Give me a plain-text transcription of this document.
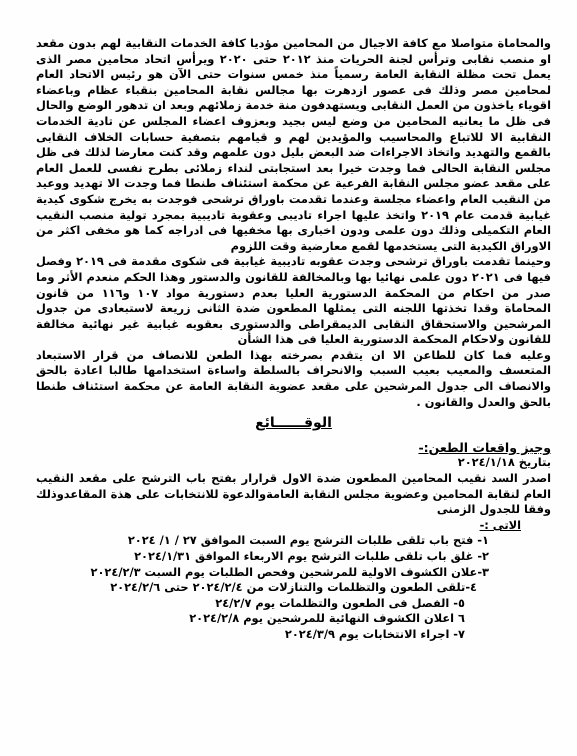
والمحاماة متواصلا مع كافة الاجيال من المحامين مؤديا كافة الخدمات النقابية لهم بدون مقعد او منصب نقابى وترأس لجنة الحريات منذ ٢٠١٢ حتى ٢٠٢٠ ويرأس اتحاد محامين مصر الذى يعمل تحت مظلة النقابة العامة رسمياً منذ خمس سنوات حتى الآن هو رئيس الاتحاد العام لمحامين مصر وذلك فى عصور ازدهرت بها مجالس نقابة المحامين بنقباء عظام وباعضاء اقوياء ياخذون من العمل النقابى ويستهدفون منة خدمة زملائهم وبعد ان تدهور الوضع والحال فى ظل ما يعانيه المحامين من وضع ليس بجيد وبعزوف اعضاء المجلس عن تادية الخدمات النقابية الا للاتباع والمحاسيب والمؤيدين لهم و قيامهم بتصفية حسابات الخلاف النقابى بالقمع والتهديد واتخاذ الاجراءات ضد البعض بليل دون علمهم وقد كنت معارضا لذلك فى ظل مجلس النقابة الحالى فما وجدت خيرا بعد استجابتى لنداء زملائى بطرح نفسى للعمل العام على مقعد عضو مجلس النقابة الفرعية عن محكمة استئناف طنطا فما وجدت الا تهديد ووعيد من النقيب العام واعضاء مجلسة وعندما تقدمت باوراق ترشحى فوجدت به يخرج شكوى كيدية غيابية قدمت عام ٢٠١٩ واتخذ عليها اجراء تاديبى وعقوبة تاديبية بمجرد تولية منصب النقيب العام التكميلى وذلك دون علمى ودون اخبارى بها مخفيها فى ادراجه كما هو مخفى اكثر من الاوراق الكيدية التى يستخدمها لقمع معارضية وقت اللزوم

وحينما تقدمت باوراق ترشحى وجدت عقوبه تاديبية غيابية فى شكوى مقدمة فى ٢٠١٩ وفصل فيها فى ٢٠٢١ دون علمى نهائيا بها وبالمخالفة للقانون والدستور وهذا الحكم منعدم الأثر وما صدر من احكام من المحكمة الدستورية العليا بعدم دستورية مواد ١٠٧ و١١٦ من قانون المحاماة وقدا تخذتها اللجنه التى يمثلها المطعون ضدة الثانى زريعة لاستبعادى من جدول المرشحين والاستحقاق النقابى الديمقراطى والدستورى بعقوبه غيابية غير نهائية مخالفة للقانون ولاحكام المحكمة الدستورية العليا فى هذا الشأن

وعليه فما كان للطاعن الا ان يتقدم بصرخته بهذا الطعن للانصاف من قرار الاستبعاد المتعسف والمعيب بعيب السبب والانحراف بالسلطة واساءة استخدامها طالبا اعادة بالحق والانصاف الى جدول المرشحين على مقعد عضوية النقابة العامة عن محكمة استئناف طنطا بالحق والعدل والقانون .

الوقــــــائع

وجيز واقعات الطعن:-

بتاريخ ٢٠٢٤/١/١٨

اصدر السد نقيب المحامين المطعون ضدة الاول قرارار بفتح باب الترشح على مقعد النقيب العام لنقابة المحامين وعضوية مجلس النقابة العامةوالدعوة للانتخابات على هذة المقاعدوذلك وفقا للجدول الزمنى

الاتى :-

١- فتح باب تلقى طلبات الترشح يوم السبت الموافق ٢٧ / ١/ ٢٠٢٤
٢- غلق باب تلقى طلبات الترشح يوم الاربعاء الموافق ٢٠٢٤/١/٣١
٣-علان الكشوف الاولية للمرشحين وفحص الطلبات يوم السبت ٢٠٢٤/٢/٣
٤-تلقى الطعون والتظلمات والتنازلات من ٢٠٢٤/٢/٤ حتى ٢٠٢٤/٢/٦
٥- الفصل فى الطعون والتظلمات يوم ٢٤/٢/٧
٦ اعلان الكشوف النهائية للمرشحين يوم ٢٠٢٤/٢/٨
٧- اجراء الانتخابات يوم ٢٠٢٤/٣/٩
